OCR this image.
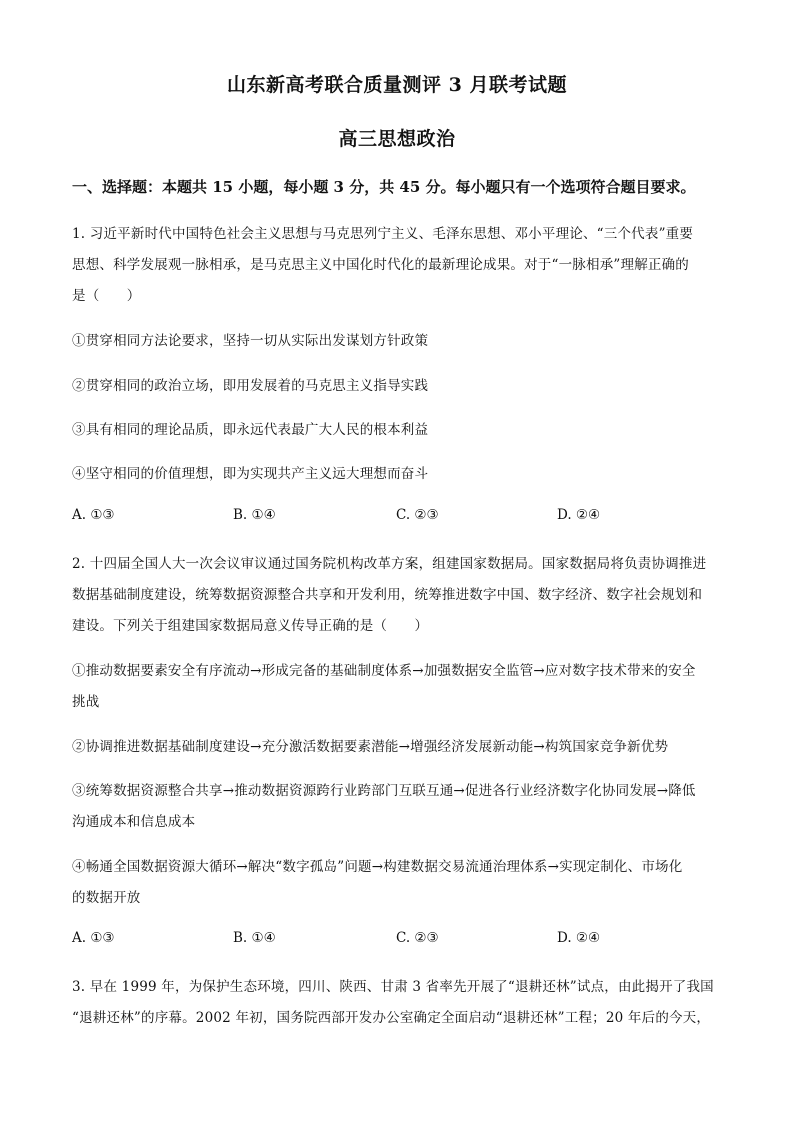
山东新高考联合质量测评 3 月联考试题
高三思想政治
一、选择题：本题共 15 小题，每小题 3 分，共 45 分。每小题只有一个选项符合题目要求。
1. 习近平新时代中国特色社会主义思想与马克思列宁主义、毛泽东思想、邓小平理论、“三个代表”重要
思想、科学发展观一脉相承，是马克思主义中国化时代化的最新理论成果。对于“一脉相承”理解正确的
是（　　）
①贯穿相同方法论要求，坚持一切从实际出发谋划方针政策
②贯穿相同的政治立场，即用发展着的马克思主义指导实践
③具有相同的理论品质，即永远代表最广大人民的根本利益
④坚守相同的价值理想，即为实现共产主义远大理想而奋斗
A. ①③	B. ①④	C. ②③	D. ②④
2. 十四届全国人大一次会议审议通过国务院机构改革方案，组建国家数据局。国家数据局将负责协调推进
数据基础制度建设，统筹数据资源整合共享和开发利用，统筹推进数字中国、数字经济、数字社会规划和
建设。下列关于组建国家数据局意义传导正确的是（　　）
①推动数据要素安全有序流动→形成完备的基础制度体系→加强数据安全监管→应对数字技术带来的安全
挑战
②协调推进数据基础制度建设→充分激活数据要素潜能→增强经济发展新动能→构筑国家竞争新优势
③统筹数据资源整合共享→推动数据资源跨行业跨部门互联互通→促进各行业经济数字化协同发展→降低
沟通成本和信息成本
④畅通全国数据资源大循环→解决“数字孤岛”问题→构建数据交易流通治理体系→实现定制化、市场化
的数据开放
A. ①③	B. ①④	C. ②③	D. ②④
3. 早在 1999 年，为保护生态环境，四川、陕西、甘肃 3 省率先开展了“退耕还林”试点，由此揭开了我国
“退耕还林”的序幕。2002 年初，国务院西部开发办公室确定全面启动“退耕还林”工程；20 年后的今天，
